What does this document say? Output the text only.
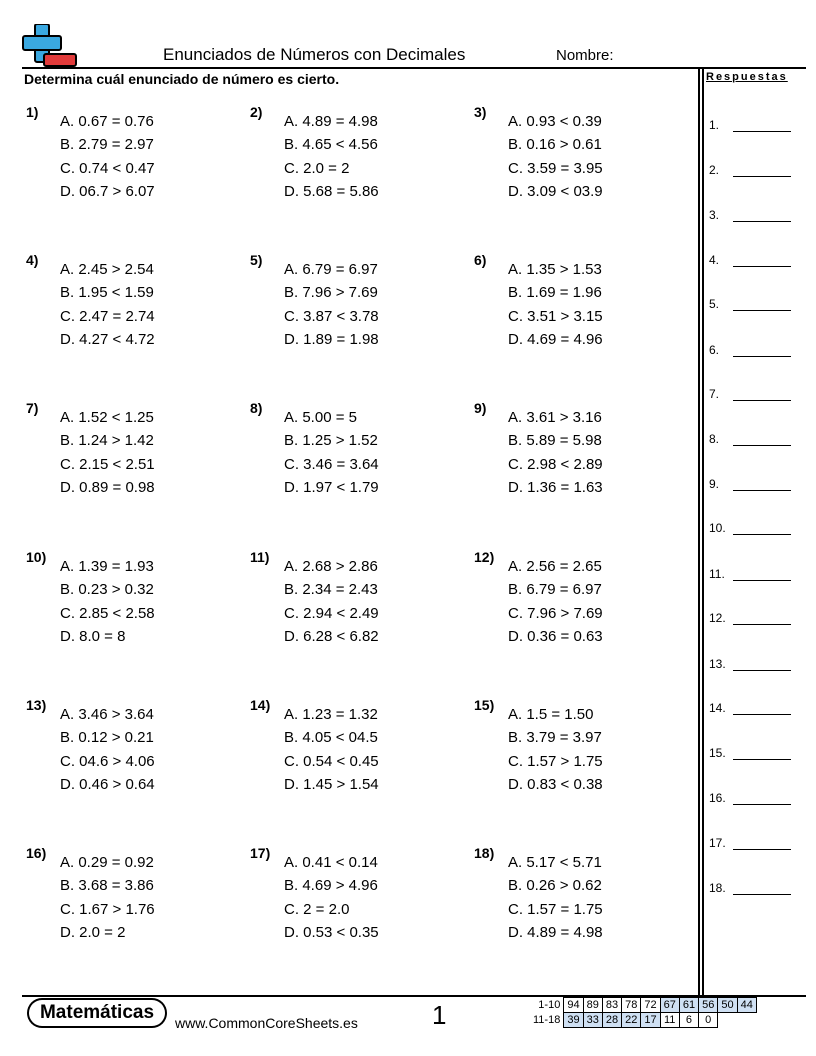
Enunciados de Números con Decimales	Nombre:
Determina cuál enunciado de número es cierto.	Respuestas
1.
2.
3.
4.
5.
6.
7.
8.
9.
10.
11.
12.
13.
14.
15.
16.
17.
18.
1)
A. 0.67 = 0.76
B. 2.79 = 2.97
C. 0.74 < 0.47
D. 06.7 > 6.07
2)
A. 4.89 = 4.98
B. 4.65 < 4.56
C. 2.0 = 2
D. 5.68 = 5.86
3)
A. 0.93 < 0.39
B. 0.16 > 0.61
C. 3.59 = 3.95
D. 3.09 < 03.9
4)
A. 2.45 > 2.54
B. 1.95 < 1.59
C. 2.47 = 2.74
D. 4.27 < 4.72
5)
A. 6.79 = 6.97
B. 7.96 > 7.69
C. 3.87 < 3.78
D. 1.89 = 1.98
6)
A. 1.35 > 1.53
B. 1.69 = 1.96
C. 3.51 > 3.15
D. 4.69 = 4.96
7)
A. 1.52 < 1.25
B. 1.24 > 1.42
C. 2.15 < 2.51
D. 0.89 = 0.98
8)
A. 5.00 = 5
B. 1.25 > 1.52
C. 3.46 = 3.64
D. 1.97 < 1.79
9)
A. 3.61 > 3.16
B. 5.89 = 5.98
C. 2.98 < 2.89
D. 1.36 = 1.63
10)
A. 1.39 = 1.93
B. 0.23 > 0.32
C. 2.85 < 2.58
D. 8.0 = 8
11)
A. 2.68 > 2.86
B. 2.34 = 2.43
C. 2.94 < 2.49
D. 6.28 < 6.82
12)
A. 2.56 = 2.65
B. 6.79 = 6.97
C. 7.96 > 7.69
D. 0.36 = 0.63
13)
A. 3.46 > 3.64
B. 0.12 > 0.21
C. 04.6 > 4.06
D. 0.46 > 0.64
14)
A. 1.23 = 1.32
B. 4.05 < 04.5
C. 0.54 < 0.45
D. 1.45 > 1.54
15)
A. 1.5 = 1.50
B. 3.79 = 3.97
C. 1.57 > 1.75
D. 0.83 < 0.38
16)
A. 0.29 = 0.92
B. 3.68 = 3.86
C. 1.67 > 1.76
D. 2.0 = 2
17)
A. 0.41 < 0.14
B. 4.69 > 4.96
C. 2 = 2.0
D. 0.53 < 0.35
18)
A. 5.17 < 5.71
B. 0.26 > 0.62
C. 1.57 = 1.75
D. 4.89 = 4.98
Matemáticas	www.CommonCoreSheets.es	1	1-10	94	89	83	78	72	67	61	56	50	44
11-18	39	33	28	22	17	11	6	0		
